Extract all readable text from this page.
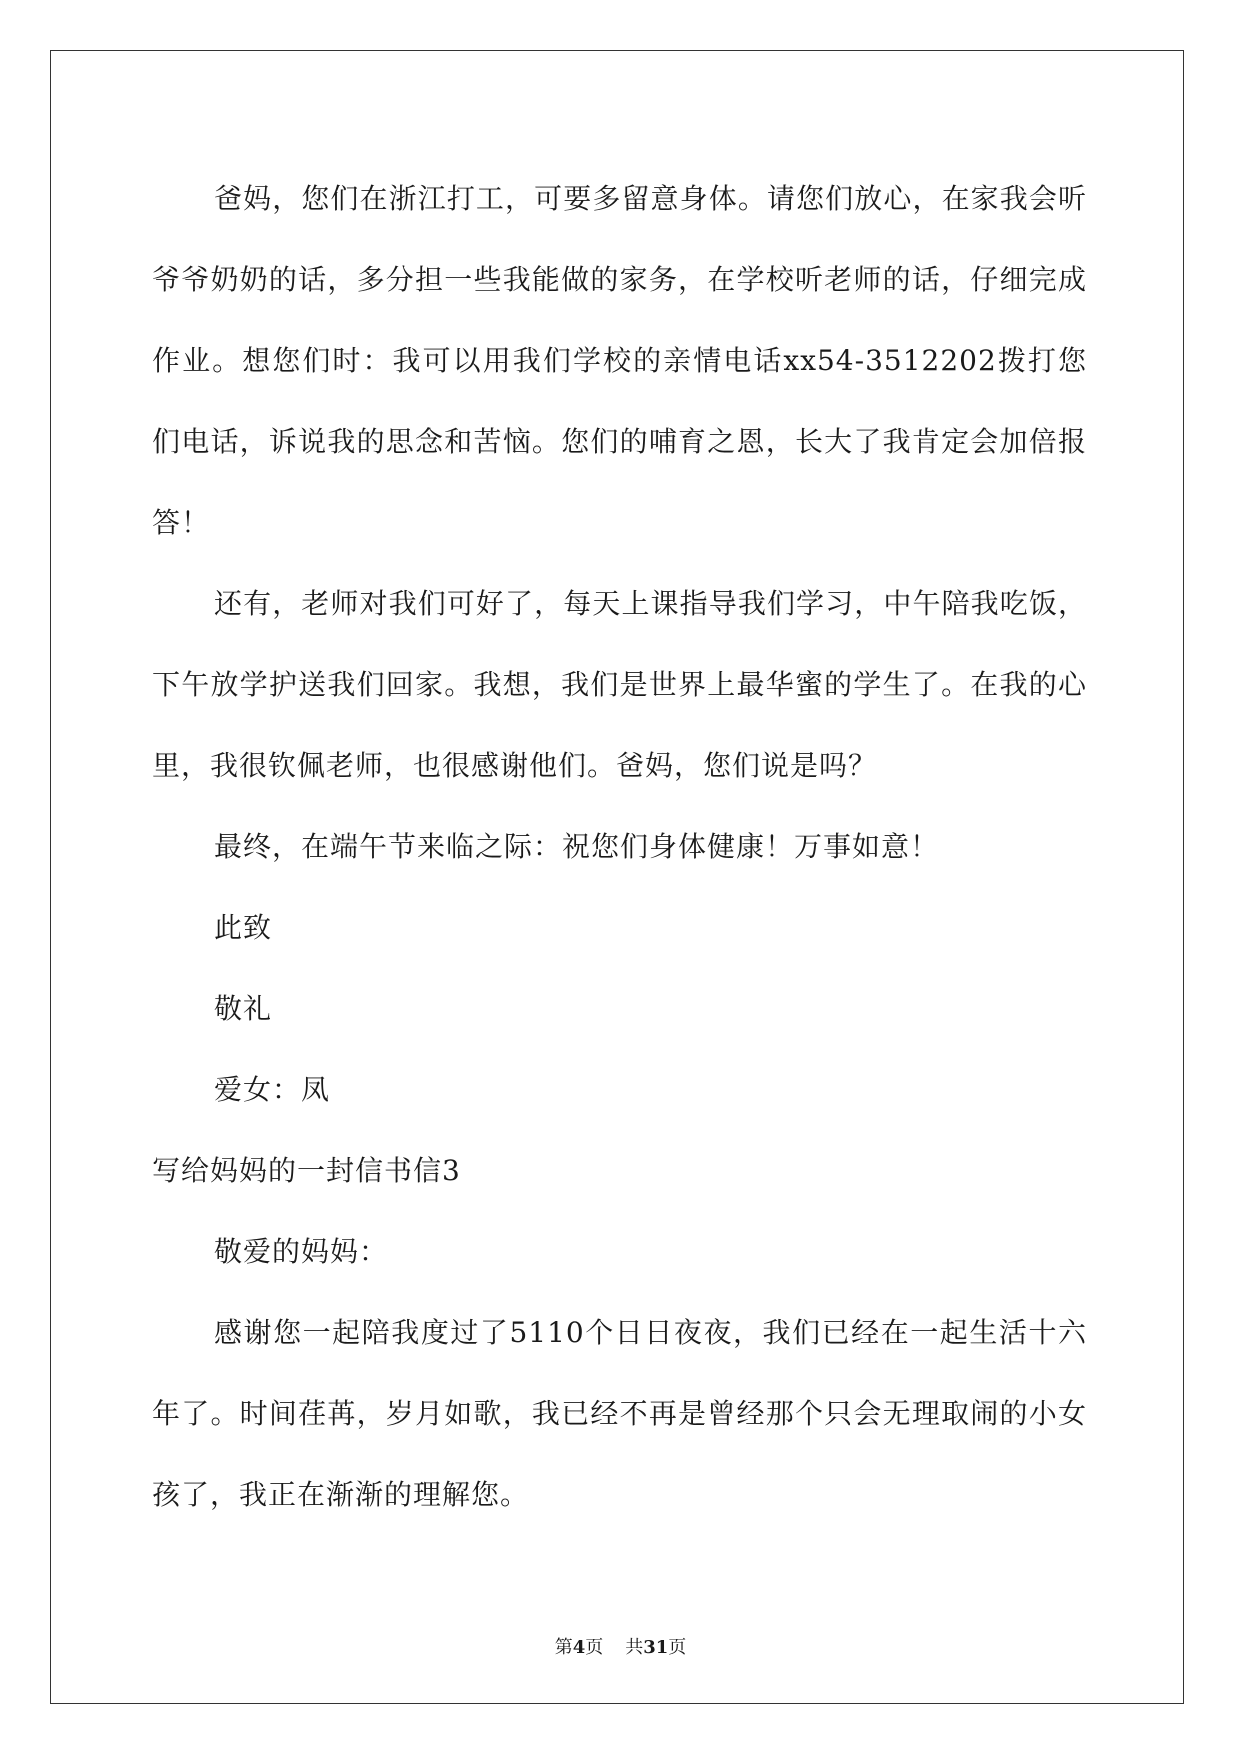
爸妈，您们在浙江打工，可要多留意身体。请您们放心，在家我会听爷爷奶奶的话，多分担一些我能做的家务，在学校听老师的话，仔细完成作业。想您们时：我可以用我们学校的亲情电话xx54-3512202拨打您们电话，诉说我的思念和苦恼。您们的哺育之恩，长大了我肯定会加倍报答！

还有，老师对我们可好了，每天上课指导我们学习，中午陪我吃饭，下午放学护送我们回家。我想，我们是世界上最华蜜的学生了。在我的心里，我很钦佩老师，也很感谢他们。爸妈，您们说是吗？

最终，在端午节来临之际：祝您们身体健康！万事如意！

此致

敬礼

爱女：凤

写给妈妈的一封信书信3

敬爱的妈妈：

感谢您一起陪我度过了5110个日日夜夜，我们已经在一起生活十六年了。时间荏苒，岁月如歌，我已经不再是曾经那个只会无理取闹的小女孩了，我正在渐渐的理解您。

第4页 共31页
